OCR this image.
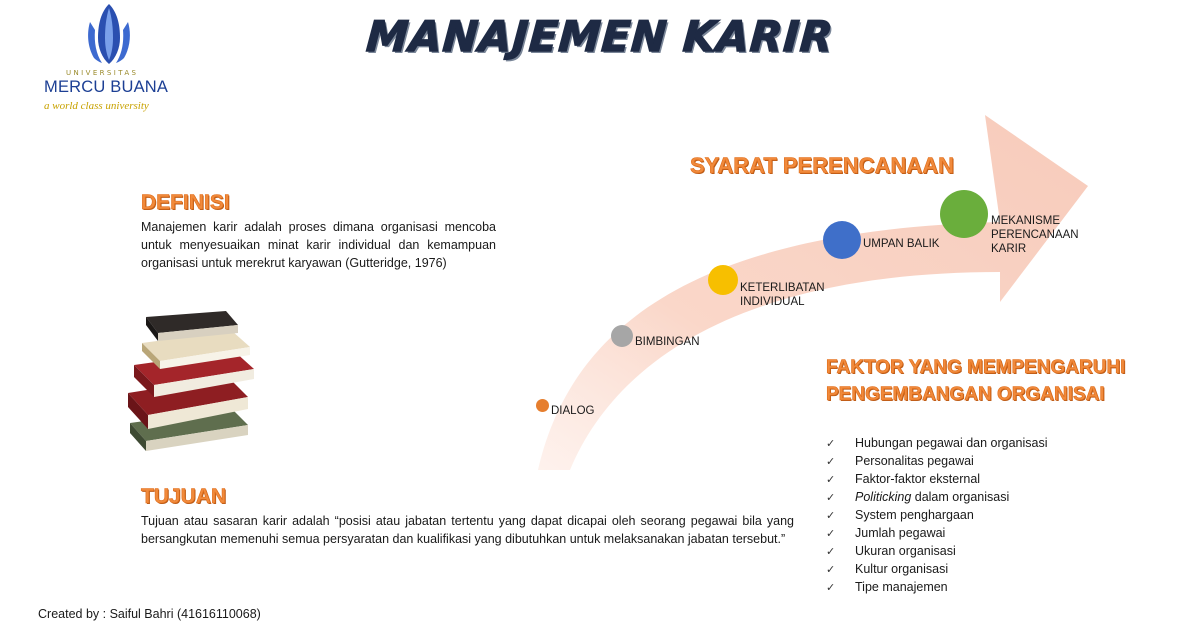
UNIVERSITAS
MERCU BUANA
a world class university
MANAJEMEN KARIR
DEFINISI
Manajemen karir adalah proses dimana organisasi mencoba untuk menyesuaikan minat karir individual dan kemampuan organisasi untuk merekrut karyawan (Gutteridge, 1976)
TUJUAN
Tujuan atau sasaran karir adalah “posisi atau jabatan tertentu yang dapat dicapai oleh seorang pegawai bila yang bersangkutan memenuhi semua persyaratan dan kualifikasi yang dibutuhkan untuk melaksanakan jabatan tersebut.”
SYARAT PERENCANAAN
DIALOG
BIMBINGAN
KETERLIBATAN
INDIVIDUAL
UMPAN BALIK
MEKANISME
PERENCANAAN
KARIR
FAKTOR YANG MEMPENGARUHI
PENGEMBANGAN ORGANISAI
✓ Hubungan pegawai dan organisasi
✓ Personalitas pegawai
✓ Faktor-faktor eksternal
✓ Politicking dalam organisasi
✓ System penghargaan
✓ Jumlah pegawai
✓ Ukuran organisasi
✓ Kultur organisasi
✓ Tipe manajemen
Created by : Saiful Bahri (41616110068)
